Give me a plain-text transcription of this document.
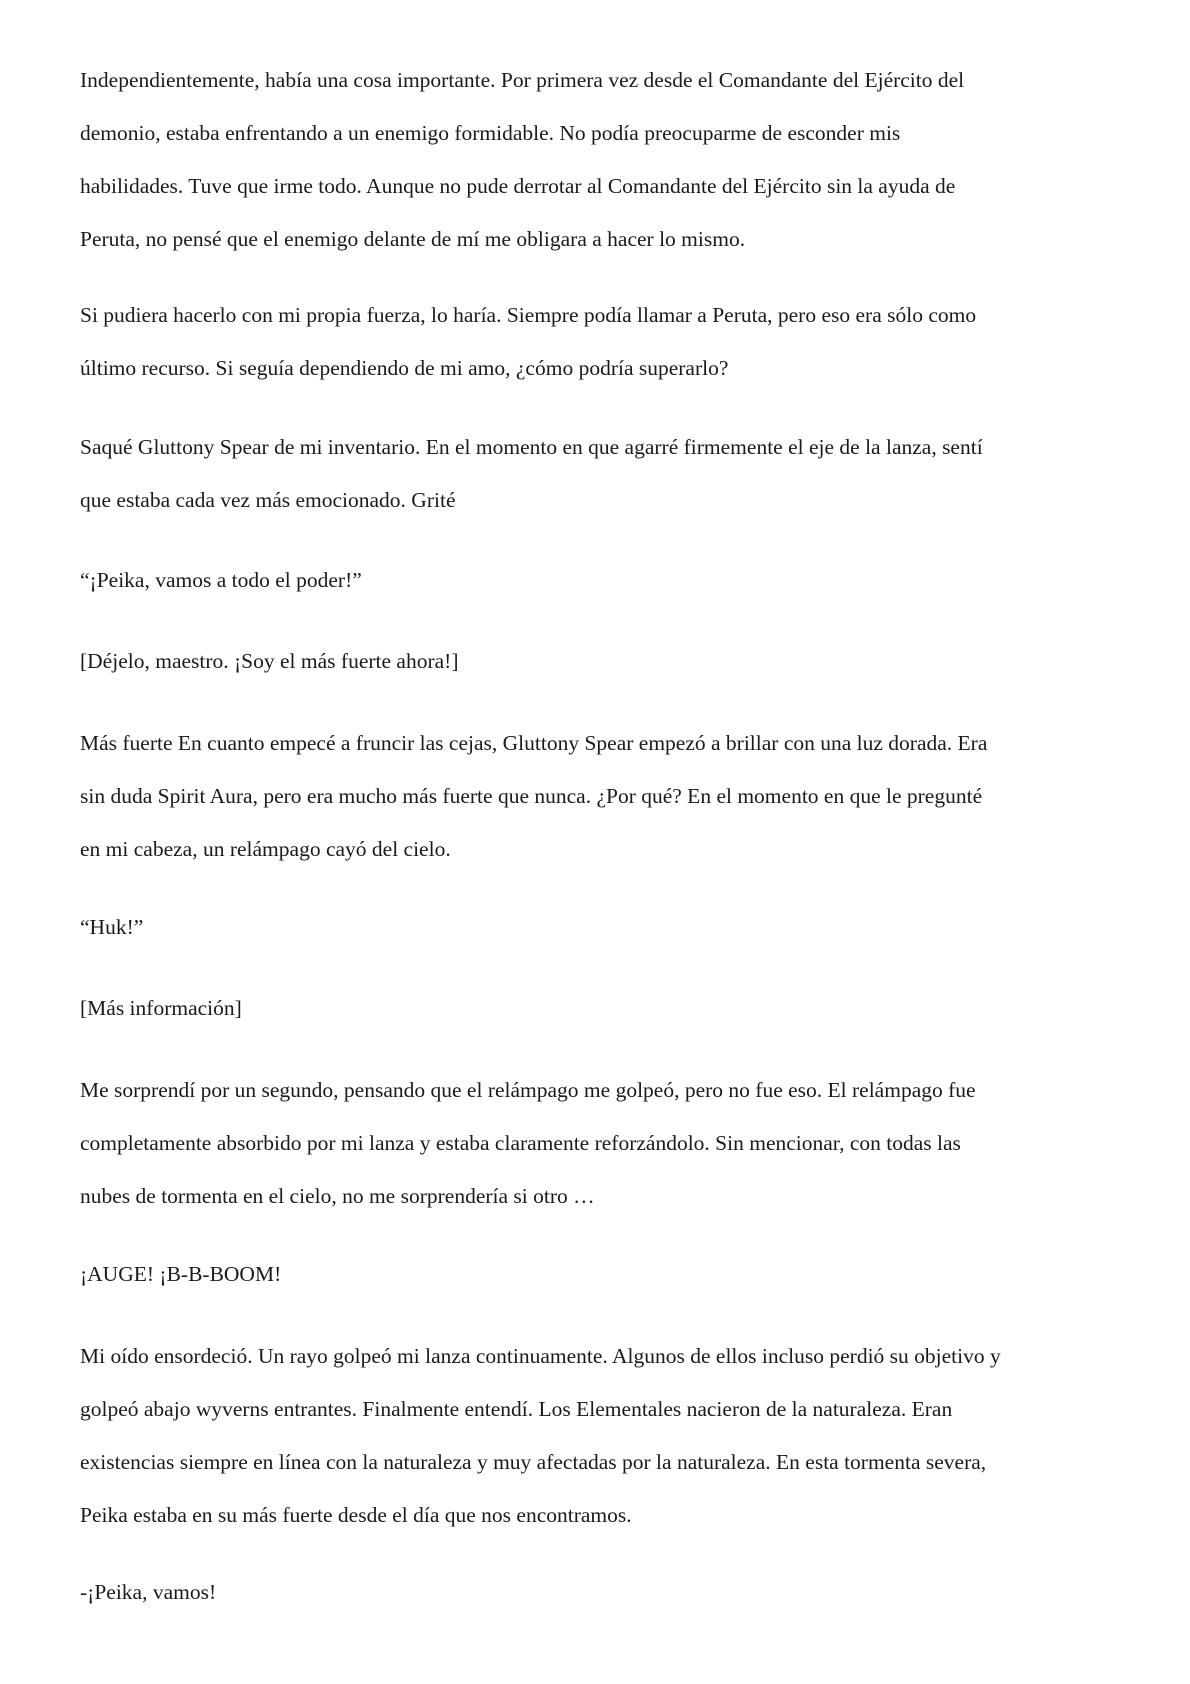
Independientemente, había una cosa importante. Por primera vez desde el Comandante del Ejército del
demonio, estaba enfrentando a un enemigo formidable. No podía preocuparme de esconder mis
habilidades. Tuve que irme todo. Aunque no pude derrotar al Comandante del Ejército sin la ayuda de
Peruta, no pensé que el enemigo delante de mí me obligara a hacer lo mismo.

Si pudiera hacerlo con mi propia fuerza, lo haría. Siempre podía llamar a Peruta, pero eso era sólo como
último recurso. Si seguía dependiendo de mi amo, ¿cómo podría superarlo?

Saqué Gluttony Spear de mi inventario. En el momento en que agarré firmemente el eje de la lanza, sentí
que estaba cada vez más emocionado. Grité

“¡Peika, vamos a todo el poder!”

[Déjelo, maestro. ¡Soy el más fuerte ahora!]

Más fuerte En cuanto empecé a fruncir las cejas, Gluttony Spear empezó a brillar con una luz dorada. Era
sin duda Spirit Aura, pero era mucho más fuerte que nunca. ¿Por qué? En el momento en que le pregunté
en mi cabeza, un relámpago cayó del cielo.

“Huk!”

[Más información]

Me sorprendí por un segundo, pensando que el relámpago me golpeó, pero no fue eso. El relámpago fue
completamente absorbido por mi lanza y estaba claramente reforzándolo. Sin mencionar, con todas las
nubes de tormenta en el cielo, no me sorprendería si otro …

¡AUGE! ¡B-B-BOOM!

Mi oído ensordeció. Un rayo golpeó mi lanza continuamente. Algunos de ellos incluso perdió su objetivo y
golpeó abajo wyverns entrantes. Finalmente entendí. Los Elementales nacieron de la naturaleza. Eran
existencias siempre en línea con la naturaleza y muy afectadas por la naturaleza. En esta tormenta severa,
Peika estaba en su más fuerte desde el día que nos encontramos.

-¡Peika, vamos!
